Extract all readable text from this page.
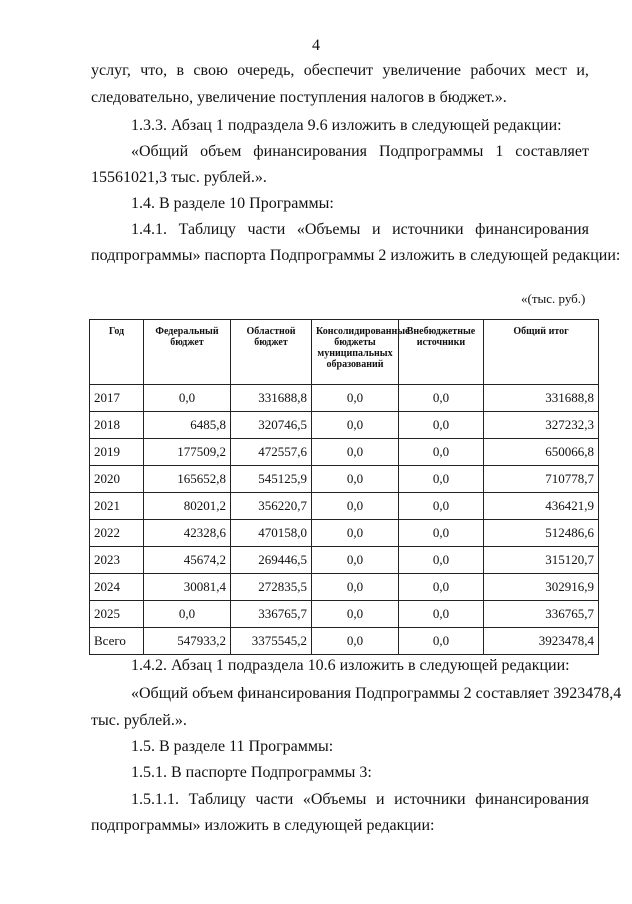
4
услуг, что, в свою очередь, обеспечит увеличение рабочих мест и,
следовательно, увеличение поступления налогов в бюджет.».
1.3.3. Абзац 1 подраздела 9.6 изложить в следующей редакции:
«Общий объем финансирования Подпрограммы 1 составляет
15561021,3 тыс. рублей.».
1.4. В разделе 10 Программы:
1.4.1. Таблицу части «Объемы и источники финансирования
подпрограммы» паспорта Подпрограммы 2 изложить в следующей редакции:
«(тыс. руб.)
Год	Федеральный бюджет	Областной бюджет	Консолидированные бюджеты муниципальных образований	Внебюджетные источники	Общий итог
2017	0,0	331688,8	0,0	0,0	331688,8
2018	6485,8	320746,5	0,0	0,0	327232,3
2019	177509,2	472557,6	0,0	0,0	650066,8
2020	165652,8	545125,9	0,0	0,0	710778,7
2021	80201,2	356220,7	0,0	0,0	436421,9
2022	42328,6	470158,0	0,0	0,0	512486,6
2023	45674,2	269446,5	0,0	0,0	315120,7
2024	30081,4	272835,5	0,0	0,0	302916,9
2025	0,0	336765,7	0,0	0,0	336765,7
Всего	547933,2	3375545,2	0,0	0,0	3923478,4
1.4.2. Абзац 1 подраздела 10.6 изложить в следующей редакции:
«Общий объем финансирования Подпрограммы 2 составляет 3923478,4
тыс. рублей.».
1.5. В разделе 11 Программы:
1.5.1. В паспорте Подпрограммы 3:
1.5.1.1. Таблицу части «Объемы и источники финансирования
подпрограммы» изложить в следующей редакции:
